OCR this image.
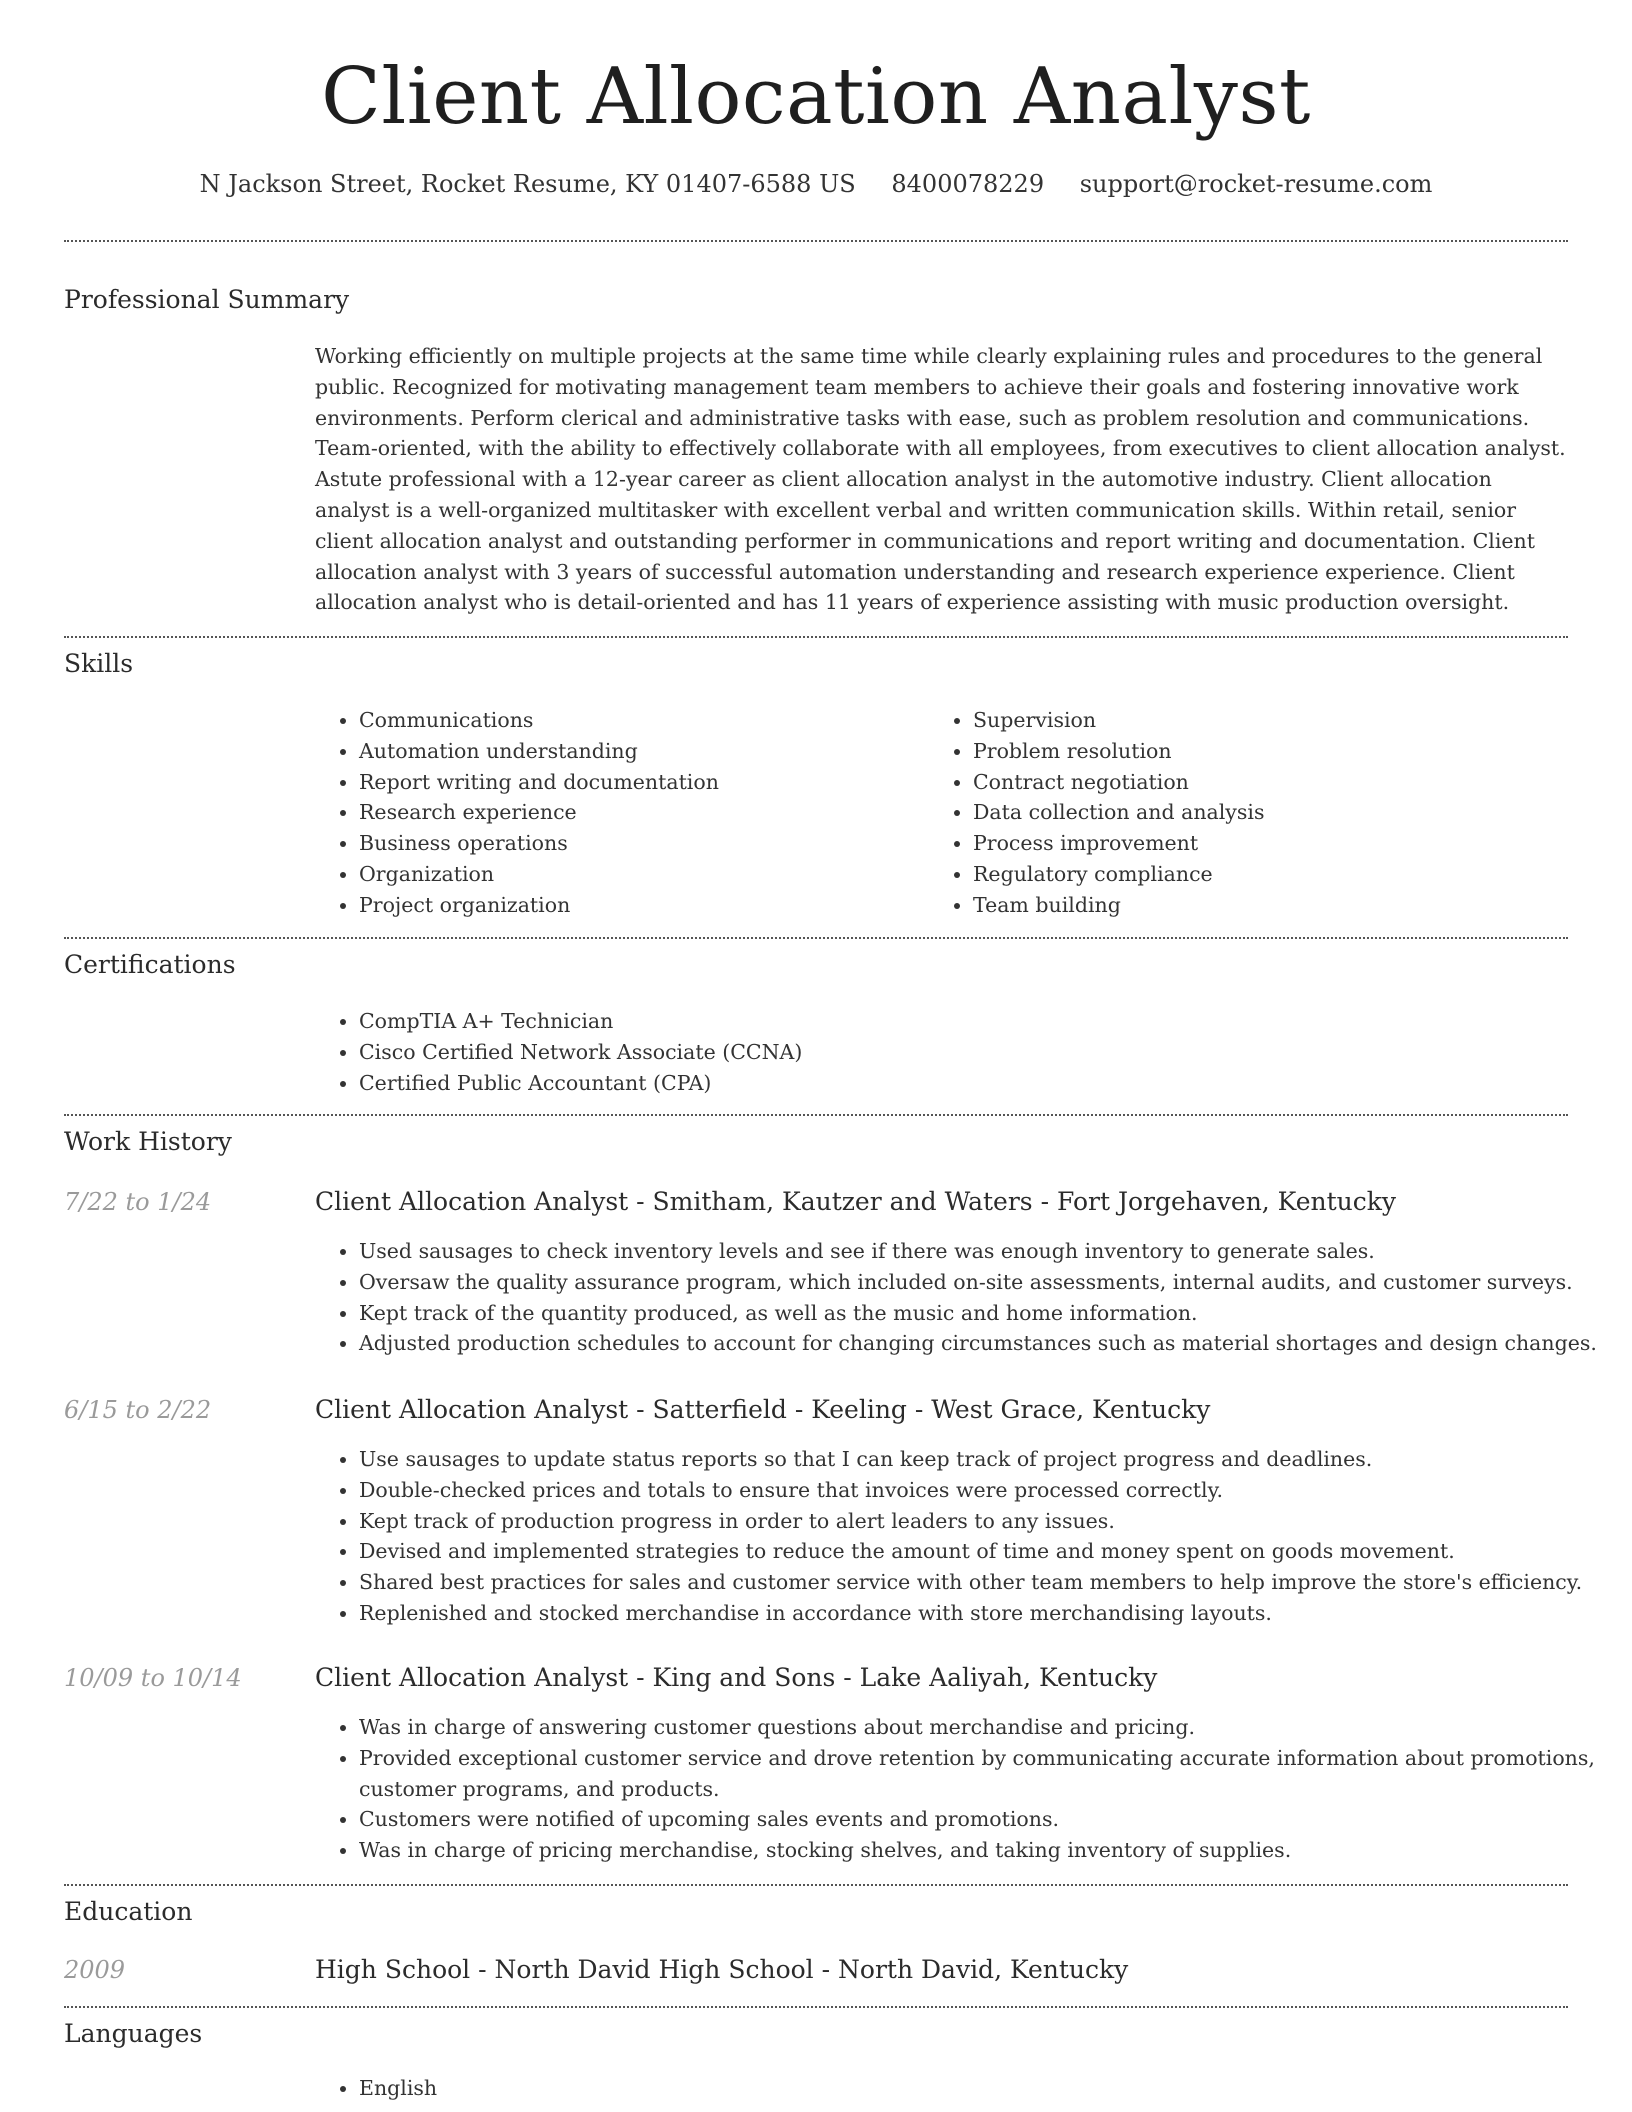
Client Allocation Analyst
N Jackson Street, Rocket Resume, KY 01407-6588 US 8400078229 support@rocket-resume.com
Professional Summary

Working efficiently on multiple projects at the same time while clearly explaining rules and procedures to the general public. Recognized for motivating management team members to achieve their goals and fostering innovative work environments. Perform clerical and administrative tasks with ease, such as problem resolution and communications. Team-oriented, with the ability to effectively collaborate with all employees, from executives to client allocation analyst. Astute professional with a 12-year career as client allocation analyst in the automotive industry. Client allocation analyst is a well-organized multitasker with excellent verbal and written communication skills. Within retail, senior client allocation analyst and outstanding performer in communications and report writing and documentation. Client allocation analyst with 3 years of successful automation understanding and research experience experience. Client allocation analyst who is detail-oriented and has 11 years of experience assisting with music production oversight.

Skills
• Communications
• Automation understanding
• Report writing and documentation
• Research experience
• Business operations
• Organization
• Project organization
• Supervision
• Problem resolution
• Contract negotiation
• Data collection and analysis
• Process improvement
• Regulatory compliance
• Team building
Certifications
• CompTIA A+ Technician
• Cisco Certified Network Associate (CCNA)
• Certified Public Accountant (CPA)
Work History
7/22 to 1/24	Client Allocation Analyst - Smitham, Kautzer and Waters - Fort Jorgehaven, Kentucky
• Used sausages to check inventory levels and see if there was enough inventory to generate sales.
• Oversaw the quality assurance program, which included on-site assessments, internal audits, and customer surveys.
• Kept track of the quantity produced, as well as the music and home information.
• Adjusted production schedules to account for changing circumstances such as material shortages and design changes.
6/15 to 2/22	Client Allocation Analyst - Satterfield - Keeling - West Grace, Kentucky
• Use sausages to update status reports so that I can keep track of project progress and deadlines.
• Double-checked prices and totals to ensure that invoices were processed correctly.
• Kept track of production progress in order to alert leaders to any issues.
• Devised and implemented strategies to reduce the amount of time and money spent on goods movement.
• Shared best practices for sales and customer service with other team members to help improve the store's efficiency.
• Replenished and stocked merchandise in accordance with store merchandising layouts.
10/09 to 10/14	Client Allocation Analyst - King and Sons - Lake Aaliyah, Kentucky
• Was in charge of answering customer questions about merchandise and pricing.
• Provided exceptional customer service and drove retention by communicating accurate information about promotions, customer programs, and products.
• Customers were notified of upcoming sales events and promotions.
• Was in charge of pricing merchandise, stocking shelves, and taking inventory of supplies.
Education
2009	High School - North David High School - North David, Kentucky
Languages
• English
